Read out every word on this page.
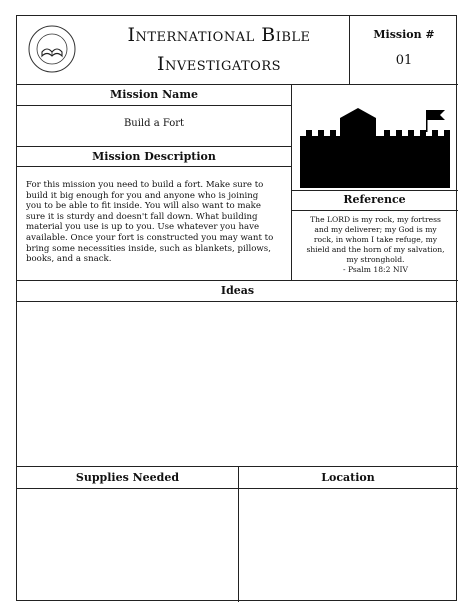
International Bible
Investigators
Mission #
01
Mission Name
Build a Fort
Mission Description
For this mission you need to build a fort. Make sure to
build it big enough for you and anyone who is joining
you to be able to fit inside. You will also want to make
sure it is sturdy and doesn't fall down. What building
material you use is up to you. Use whatever you have
available. Once your fort is constructed you may want to
bring some necessities inside, such as blankets, pillows,
books, and a snack.
Reference
The LORD is my rock, my fortress
and my deliverer; my God is my
rock, in whom I take refuge, my
shield and the horn of my salvation,
my stronghold.
- Psalm 18:2 NIV
Ideas
Supplies Needed	Location
